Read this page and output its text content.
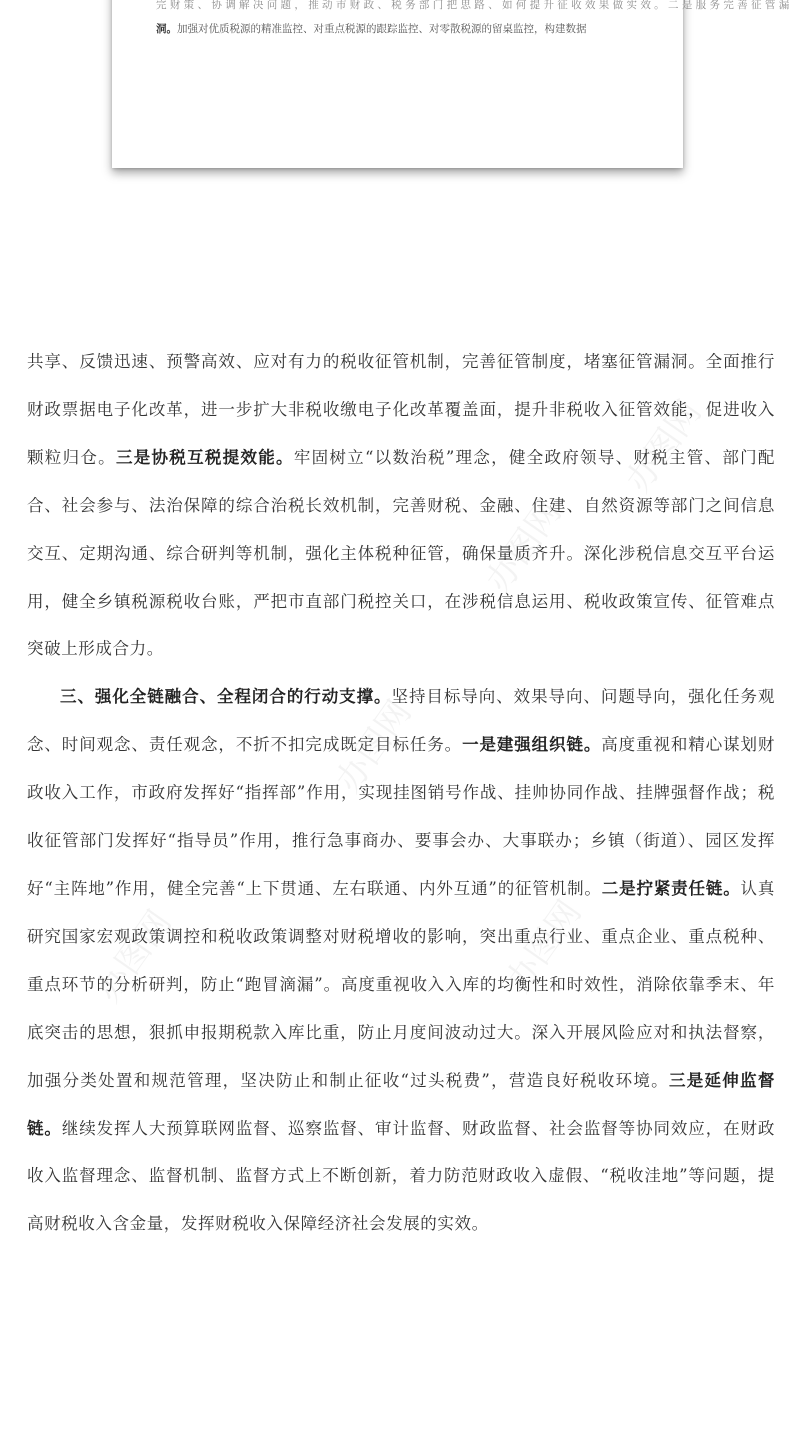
完 财 策 、 协 调 解 决 问 题 ， 推 动 市 财 政 、 税 务 部 门 把 思 路 、 如 何 提 升 征 收 效 果 做 实 效 。 二 是 服 务 完 善 征 管 漏
洞。加强对优质税源的精准监控、对重点税源的跟踪监控、对零散税源的留桌监控，构建数据
办图网
办图网
办图网	办图网
办图网

共享、反馈迅速、预警高效、应对有力的税收征管机制，完善征管制度，堵塞征管漏洞。全面推行财政票据电子化改革，进一步扩大非税收缴电子化改革覆盖面，提升非税收入征管效能，促进收入颗粒归仓。三是协税互税提效能。牢固树立“以数治税”理念，健全政府领导、财税主管、部门配合、社会参与、法治保障的综合治税长效机制，完善财税、金融、住建、自然资源等部门之间信息交互、定期沟通、综合研判等机制，强化主体税种征管，确保量质齐升。深化涉税信息交互平台运用，健全乡镇税源税收台账，严把市直部门税控关口，在涉税信息运用、税收政策宣传、征管难点突破上形成合力。

三、强化全链融合、全程闭合的行动支撑。坚持目标导向、效果导向、问题导向，强化任务观念、时间观念、责任观念，不折不扣完成既定目标任务。一是建强组织链。高度重视和精心谋划财政收入工作，市政府发挥好“指挥部”作用，实现挂图销号作战、挂帅协同作战、挂牌强督作战；税收征管部门发挥好“指导员”作用，推行急事商办、要事会办、大事联办；乡镇（街道）、园区发挥好“主阵地”作用，健全完善“上下贯通、左右联通、内外互通”的征管机制。二是拧紧责任链。认真研究国家宏观政策调控和税收政策调整对财税增收的影响，突出重点行业、重点企业、重点税种、重点环节的分析研判，防止“跑冒滴漏”。高度重视收入入库的均衡性和时效性，消除依靠季末、年底突击的思想，狠抓申报期税款入库比重，防止月度间波动过大。深入开展风险应对和执法督察，加强分类处置和规范管理，坚决防止和制止征收“过头税费”，营造良好税收环境。三是延伸监督链。继续发挥人大预算联网监督、巡察监督、审计监督、财政监督、社会监督等协同效应，在财政收入监督理念、监督机制、监督方式上不断创新，着力防范财政收入虚假、“税收洼地”等问题，提高财税收入含金量，发挥财税收入保障经济社会发展的实效。
